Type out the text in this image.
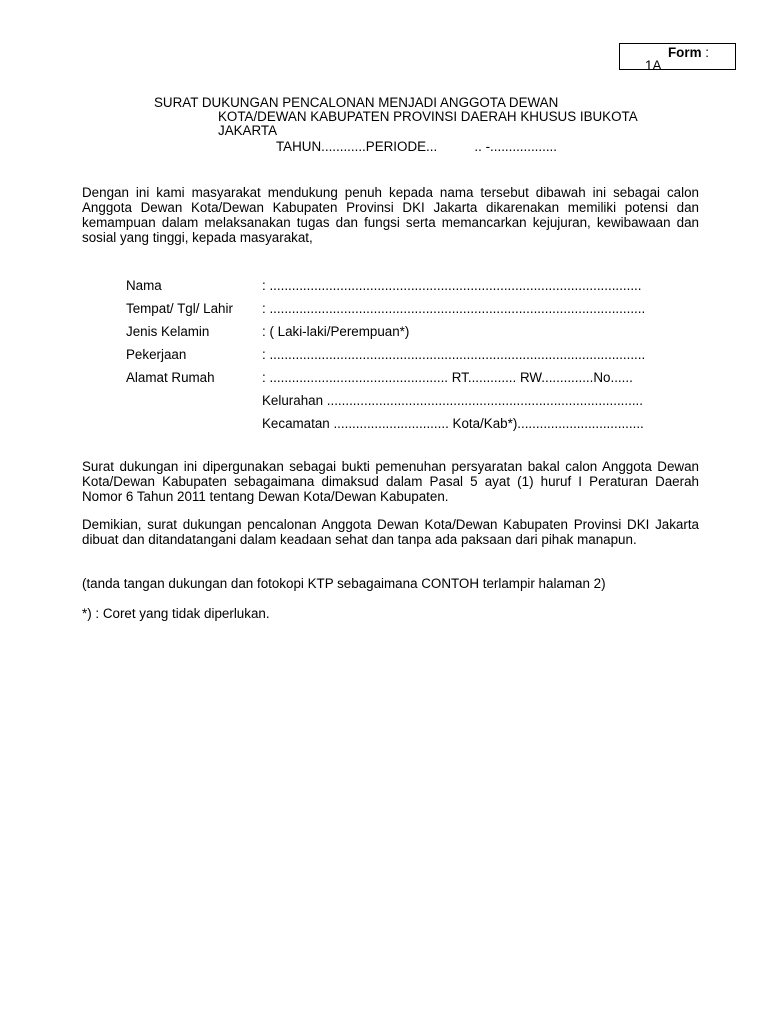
Form :
1A
SURAT DUKUNGAN PENCALONAN MENJADI ANGGOTA DEWAN
KOTA/DEWAN KABUPATEN PROVINSI DAERAH KHUSUS IBUKOTA
JAKARTA
TAHUN............PERIODE...          .. -..................
Dengan ini kami masyarakat mendukung penuh kepada nama tersebut dibawah ini sebagai calon Anggota Dewan Kota/Dewan Kabupaten Provinsi DKI Jakarta dikarenakan memiliki potensi dan kemampuan dalam melaksanakan tugas dan fungsi serta memancarkan kejujuran, kewibawaan dan sosial yang tinggi, kepada masyarakat,
Nama	: ....................................................................................................
Tempat/ Tgl/ Lahir : .....................................................................................................
Jenis Kelamin	: ( Laki-laki/Perempuan*)
Pekerjaan	: .....................................................................................................
Alamat Rumah	: ................................................ RT............. RW..............No......
Kelurahan .....................................................................................
Kecamatan ............................... Kota/Kab*)..................................
Surat dukungan ini dipergunakan sebagai bukti pemenuhan persyaratan bakal calon Anggota Dewan Kota/Dewan Kabupaten sebagaimana dimaksud dalam Pasal 5 ayat (1) huruf I Peraturan Daerah Nomor 6 Tahun 2011 tentang Dewan Kota/Dewan Kabupaten.
Demikian, surat dukungan pencalonan Anggota Dewan Kota/Dewan Kabupaten Provinsi DKI Jakarta dibuat dan ditandatangani dalam keadaan sehat dan tanpa ada paksaan dari pihak manapun.
(tanda tangan dukungan dan fotokopi KTP sebagaimana CONTOH terlampir halaman 2)
*) : Coret yang tidak diperlukan.
